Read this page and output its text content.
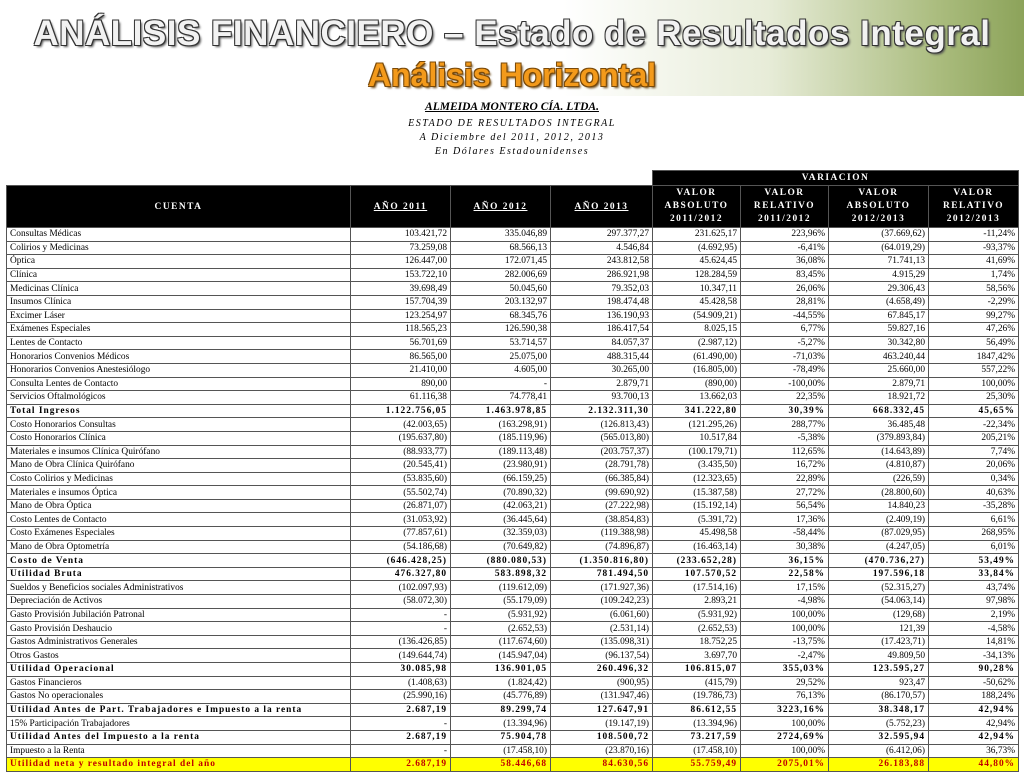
ANÁLISIS FINANCIERO – Estado de Resultados Integral
Análisis Horizontal
ALMEIDA MONTERO CÍA. LTDA.
ESTADO DE RESULTADOS INTEGRAL
A Diciembre del 2011, 2012, 2013
En Dólares Estadounidenses
				VARIACION			
CUENTA	AÑO 2011	AÑO 2012	AÑO 2013	VALOR
ABSOLUTO
2011/2012	VALOR
RELATIVO
2011/2012	VALOR
ABSOLUTO
2012/2013	VALOR
RELATIVO
2012/2013
Consultas Médicas	103.421,72	335.046,89	297.377,27	231.625,17	223,96%	(37.669,62)	-11,24%
Colirios y Medicinas	73.259,08	68.566,13	4.546,84	(4.692,95)	-6,41%	(64.019,29)	-93,37%
Óptica	126.447,00	172.071,45	243.812,58	45.624,45	36,08%	71.741,13	41,69%
Clínica	153.722,10	282.006,69	286.921,98	128.284,59	83,45%	4.915,29	1,74%
Medicinas Clínica	39.698,49	50.045,60	79.352,03	10.347,11	26,06%	29.306,43	58,56%
Insumos Clínica	157.704,39	203.132,97	198.474,48	45.428,58	28,81%	(4.658,49)	-2,29%
Excimer Láser	123.254,97	68.345,76	136.190,93	(54.909,21)	-44,55%	67.845,17	99,27%
Exámenes Especiales	118.565,23	126.590,38	186.417,54	8.025,15	6,77%	59.827,16	47,26%
Lentes de Contacto	56.701,69	53.714,57	84.057,37	(2.987,12)	-5,27%	30.342,80	56,49%
Honorarios Convenios Médicos	86.565,00	25.075,00	488.315,44	(61.490,00)	-71,03%	463.240,44	1847,42%
Honorarios Convenios Anestesiólogo	21.410,00	4.605,00	30.265,00	(16.805,00)	-78,49%	25.660,00	557,22%
Consulta Lentes de Contacto	890,00	-	2.879,71	(890,00)	-100,00%	2.879,71	100,00%
Servicios Oftalmológicos	61.116,38	74.778,41	93.700,13	13.662,03	22,35%	18.921,72	25,30%
Total Ingresos	1.122.756,05	1.463.978,85	2.132.311,30	341.222,80	30,39%	668.332,45	45,65%
Costo Honorarios Consultas	(42.003,65)	(163.298,91)	(126.813,43)	(121.295,26)	288,77%	36.485,48	-22,34%
Costo Honorarios Clínica	(195.637,80)	(185.119,96)	(565.013,80)	10.517,84	-5,38%	(379.893,84)	205,21%
Materiales e insumos Clínica Quirófano	(88.933,77)	(189.113,48)	(203.757,37)	(100.179,71)	112,65%	(14.643,89)	7,74%
Mano de Obra Clínica Quirófano	(20.545,41)	(23.980,91)	(28.791,78)	(3.435,50)	16,72%	(4.810,87)	20,06%
Costo Colirios y Medicinas	(53.835,60)	(66.159,25)	(66.385,84)	(12.323,65)	22,89%	(226,59)	0,34%
Materiales e insumos Óptica	(55.502,74)	(70.890,32)	(99.690,92)	(15.387,58)	27,72%	(28.800,60)	40,63%
Mano de Obra Óptica	(26.871,07)	(42.063,21)	(27.222,98)	(15.192,14)	56,54%	14.840,23	-35,28%
Costo Lentes de Contacto	(31.053,92)	(36.445,64)	(38.854,83)	(5.391,72)	17,36%	(2.409,19)	6,61%
Costo Exámenes Especiales	(77.857,61)	(32.359,03)	(119.388,98)	45.498,58	-58,44%	(87.029,95)	268,95%
Mano de Obra Optometría	(54.186,68)	(70.649,82)	(74.896,87)	(16.463,14)	30,38%	(4.247,05)	6,01%
Costo de Venta	(646.428,25)	(880.080,53)	(1.350.816,80)	(233.652,28)	36,15%	(470.736,27)	53,49%
Utilidad Bruta	476.327,80	583.898,32	781.494,50	107.570,52	22,58%	197.596,18	33,84%
Sueldos y Beneficios sociales Administrativos	(102.097,93)	(119.612,09)	(171.927,36)	(17.514,16)	17,15%	(52.315,27)	43,74%
Depreciación de Activos	(58.072,30)	(55.179,09)	(109.242,23)	2.893,21	-4,98%	(54.063,14)	97,98%
Gasto Provisión Jubilación Patronal	-	(5.931,92)	(6.061,60)	(5.931,92)	100,00%	(129,68)	2,19%
Gasto Provisión Deshaucio	-	(2.652,53)	(2.531,14)	(2.652,53)	100,00%	121,39	-4,58%
Gastos Administrativos Generales	(136.426,85)	(117.674,60)	(135.098,31)	18.752,25	-13,75%	(17.423,71)	14,81%
Otros Gastos	(149.644,74)	(145.947,04)	(96.137,54)	3.697,70	-2,47%	49.809,50	-34,13%
Utilidad Operacional	30.085,98	136.901,05	260.496,32	106.815,07	355,03%	123.595,27	90,28%
Gastos Financieros	(1.408,63)	(1.824,42)	(900,95)	(415,79)	29,52%	923,47	-50,62%
Gastos No operacionales	(25.990,16)	(45.776,89)	(131.947,46)	(19.786,73)	76,13%	(86.170,57)	188,24%
Utilidad Antes de Part. Trabajadores e Impuesto a la renta	2.687,19	89.299,74	127.647,91	86.612,55	3223,16%	38.348,17	42,94%
15% Participación Trabajadores	-	(13.394,96)	(19.147,19)	(13.394,96)	100,00%	(5.752,23)	42,94%
Utilidad Antes del Impuesto a la renta	2.687,19	75.904,78	108.500,72	73.217,59	2724,69%	32.595,94	42,94%
Impuesto a la Renta	-	(17.458,10)	(23.870,16)	(17.458,10)	100,00%	(6.412,06)	36,73%
Utilidad neta y resultado integral del año	2.687,19	58.446,68	84.630,56	55.759,49	2075,01%	26.183,88	44,80%
